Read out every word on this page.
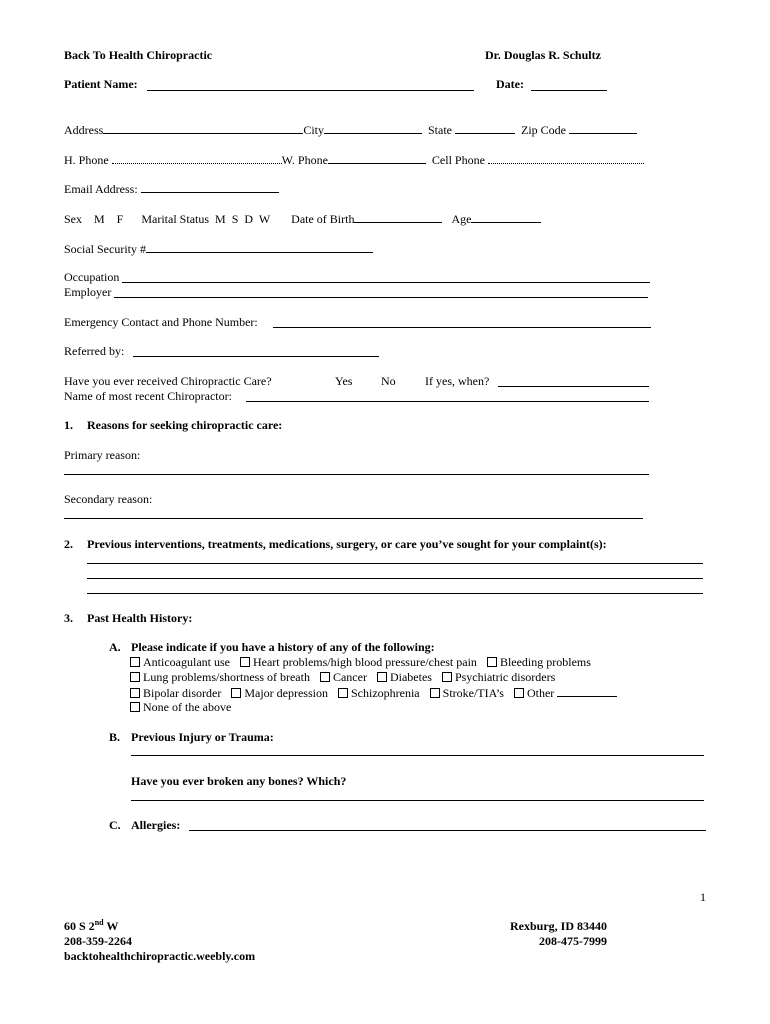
Back To Health Chiropractic	Dr. Douglas R. Schultz
Patient Name:	Date:
Address	City	State	Zip Code
H. Phone	W. Phone	Cell Phone
Email Address:
Sex M F Marital Status M  S  D  W Date of Birth	Age
Social Security #
Occupation
Employer
Emergency Contact and Phone Number:
Referred by:
Have you ever received Chiropractic Care?	Yes No If yes, when?
Name of most recent Chiropractor:
1. Reasons for seeking chiropractic care:
Primary reason:
Secondary reason:
2. Previous interventions, treatments, medications, surgery, or care you’ve sought for your complaint(s):
3. Past Health History:
A. Please indicate if you have a history of any of the following:
Anticoagulant use Heart problems/high blood pressure/chest pain Bleeding problems
Lung problems/shortness of breath Cancer Diabetes Psychiatric disorders
Bipolar disorder Major depression Schizophrenia Stroke/TIA’s Other
None of the above
B. Previous Injury or Trauma:
Have you ever broken any bones? Which?
C. Allergies:
1
60 S 2nd W
208-359-2264
backtohealthchiropractic.weebly.com
Rexburg, ID 83440
208-475-7999
